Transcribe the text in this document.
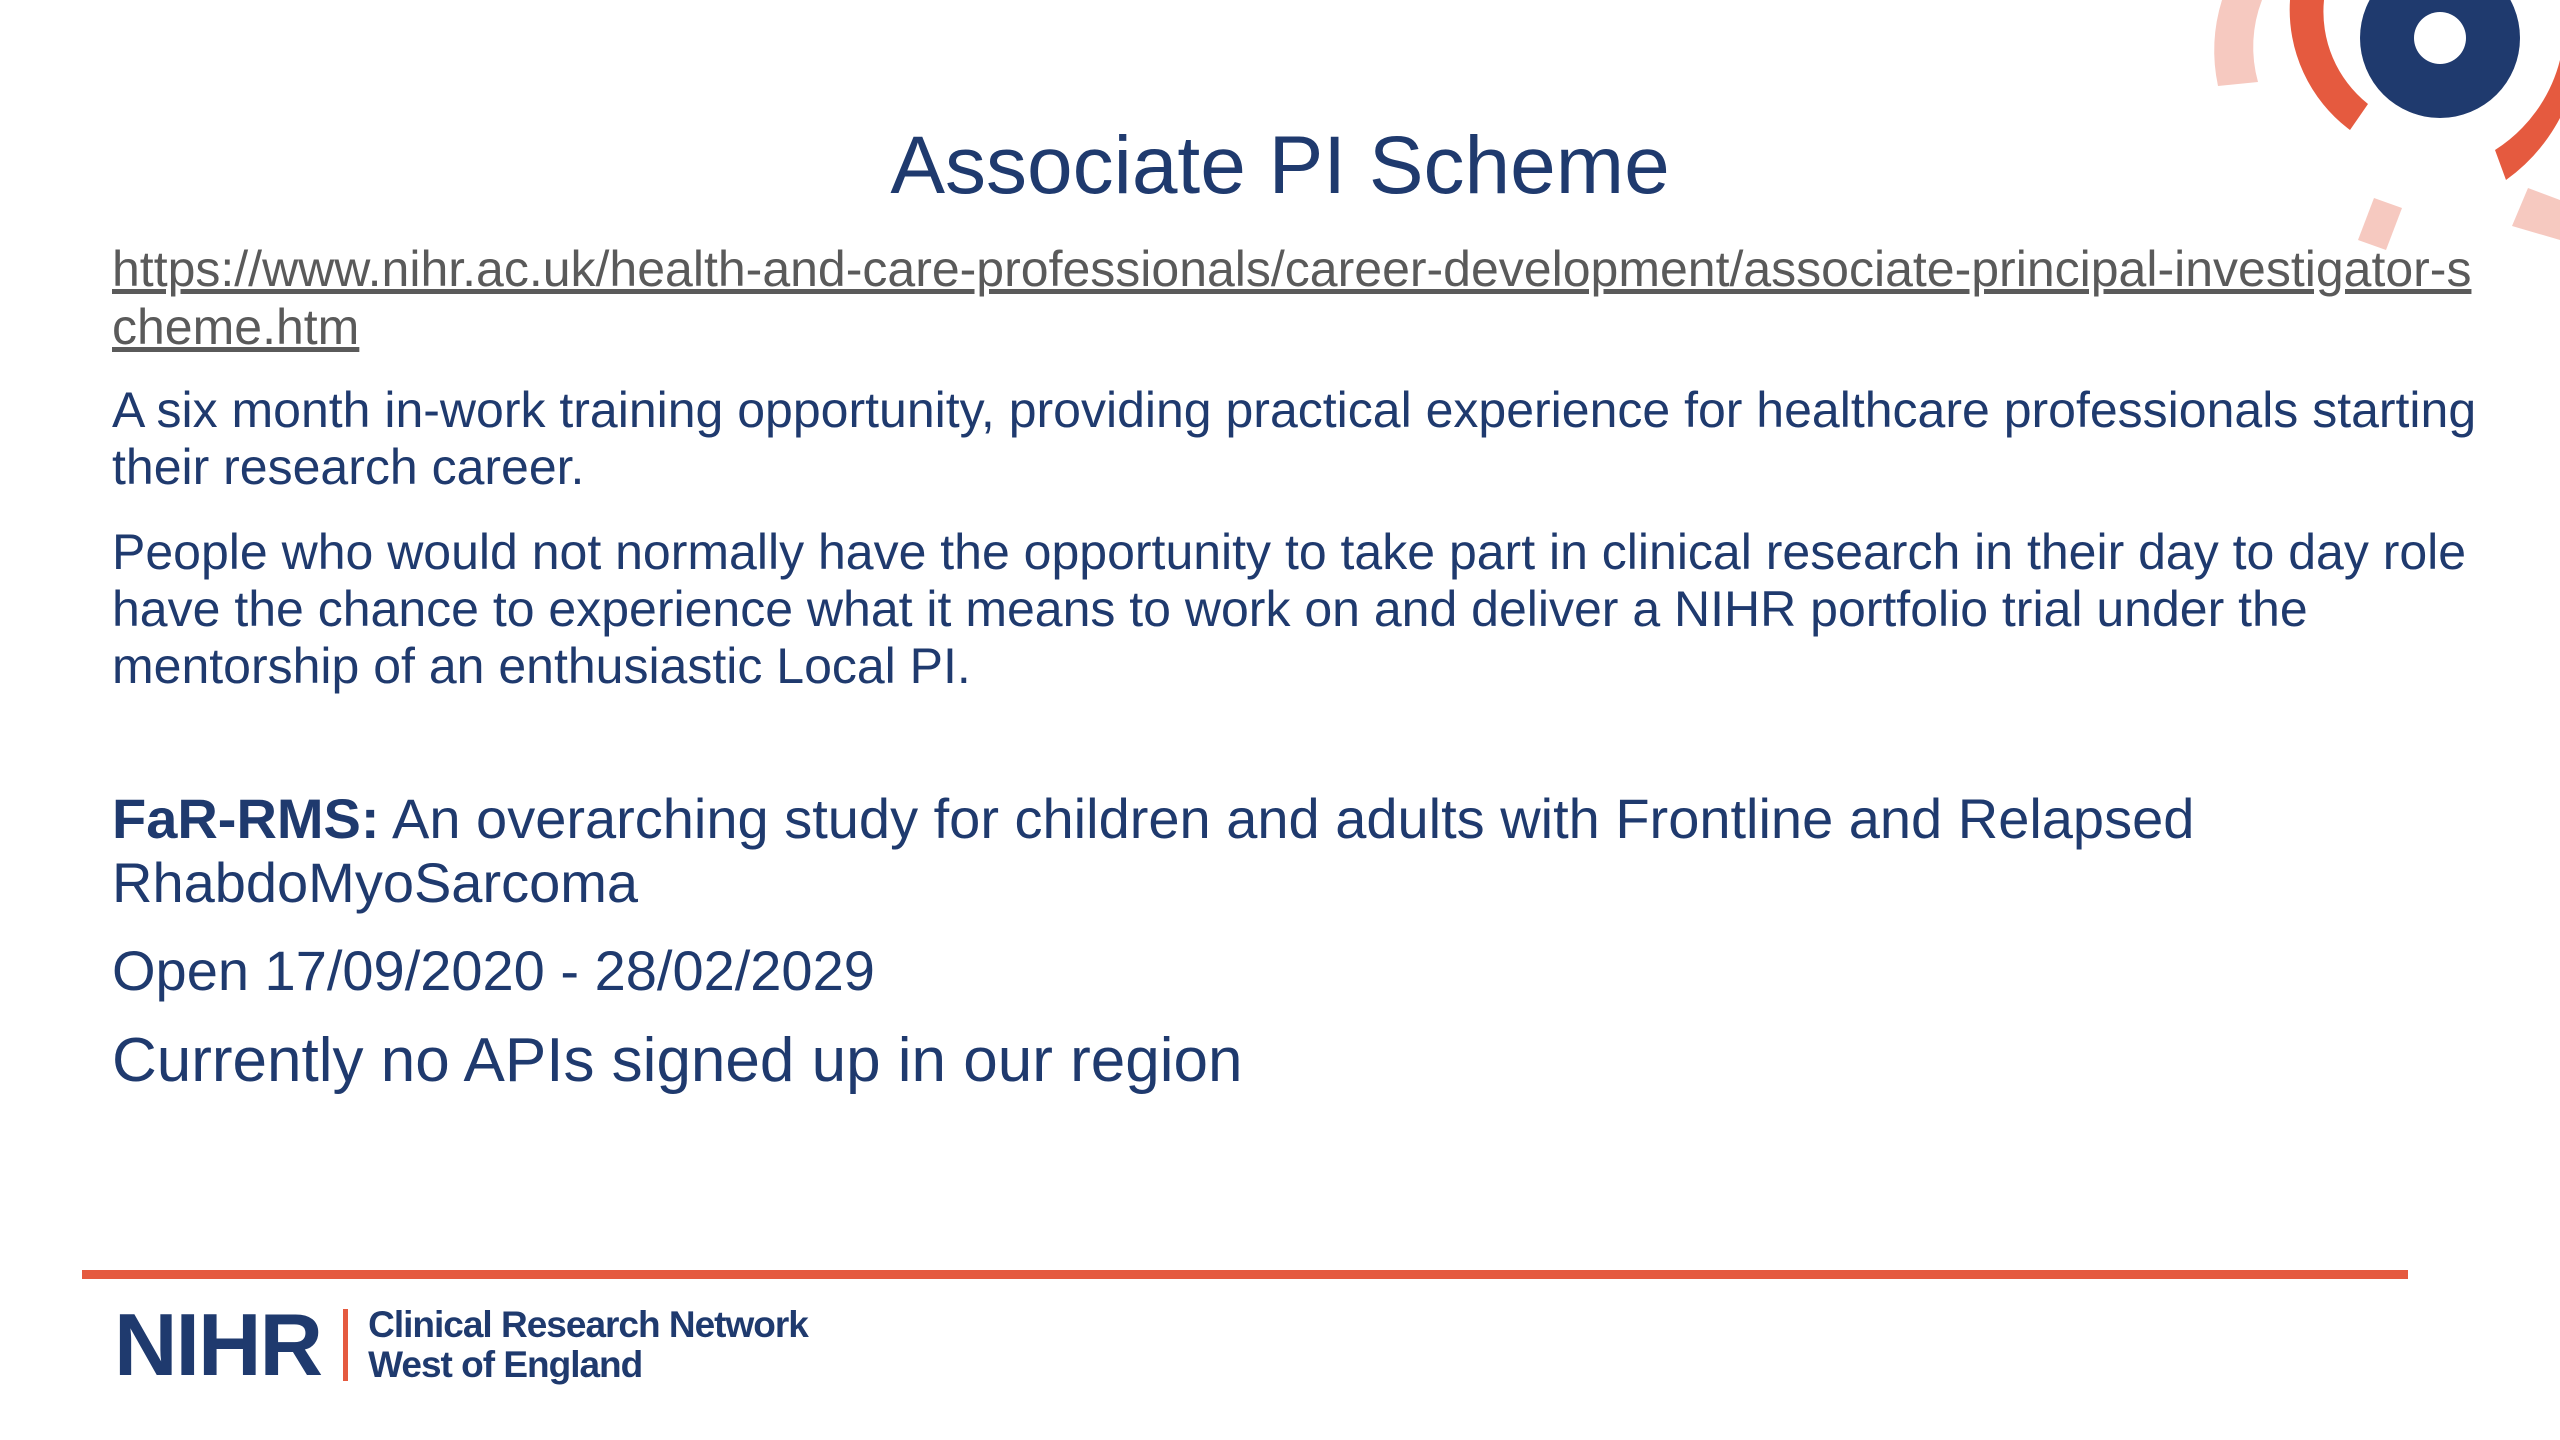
Associate PI Scheme
https://www.nihr.ac.uk/health-and-care-professionals/career-development/associate-principal-investigator-scheme.htm

A six month in-work training opportunity, providing practical experience for healthcare professionals starting their research career.

People who would not normally have the opportunity to take part in clinical research in their day to day role have the chance to experience what it means to work on and deliver a NIHR portfolio trial under the mentorship of an enthusiastic Local PI.

FaR-RMS: An overarching study for children and adults with Frontline and Relapsed RhabdoMyoSarcoma
Open 17/09/2020 - 28/02/2029
Currently no APIs signed up in our region
NIHR Clinical Research Network
West of England
